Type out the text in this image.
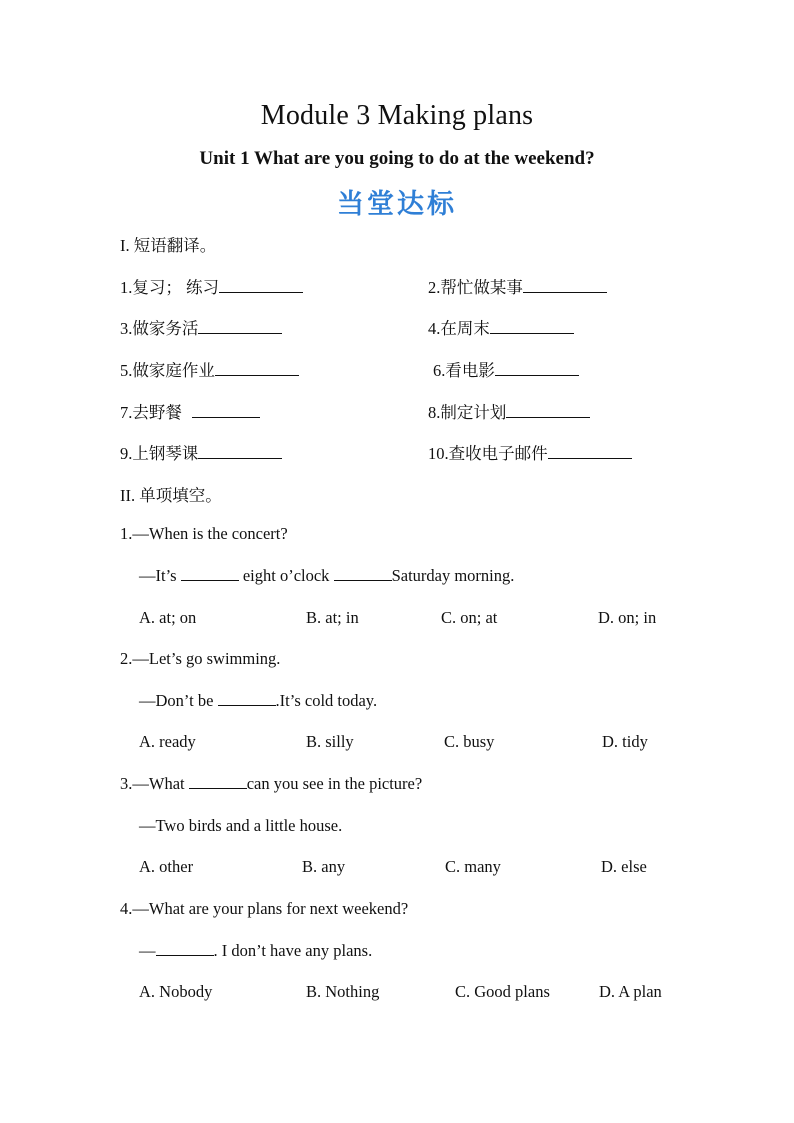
Module 3 Making plans
Unit 1 What are you going to do at the weekend?
当堂达标
I. 短语翻译。
1.复习； 练习	2.帮忙做某事
3.做家务活	4.在周末
5.做家庭作业	6.看电影
7.去野餐	8.制定计划
9.上钢琴课	10.查收电子邮件
II. 单项填空。
1.—When is the concert?
—It’s	eight o’clock	Saturday morning.
A. at; on	B. at; in	C. on; at	D. on; in
2.—Let’s go swimming.
—Don’t be	.It’s cold today.
A. ready	B. silly	C. busy	D. tidy
3.—What	can you see in the picture?
—Two birds and a little house.
A. other	B. any	C. many	D. else
4.—What are your plans for next weekend?
—	. I don’t have any plans.
A. Nobody	B. Nothing	C. Good plans	D. A plan
